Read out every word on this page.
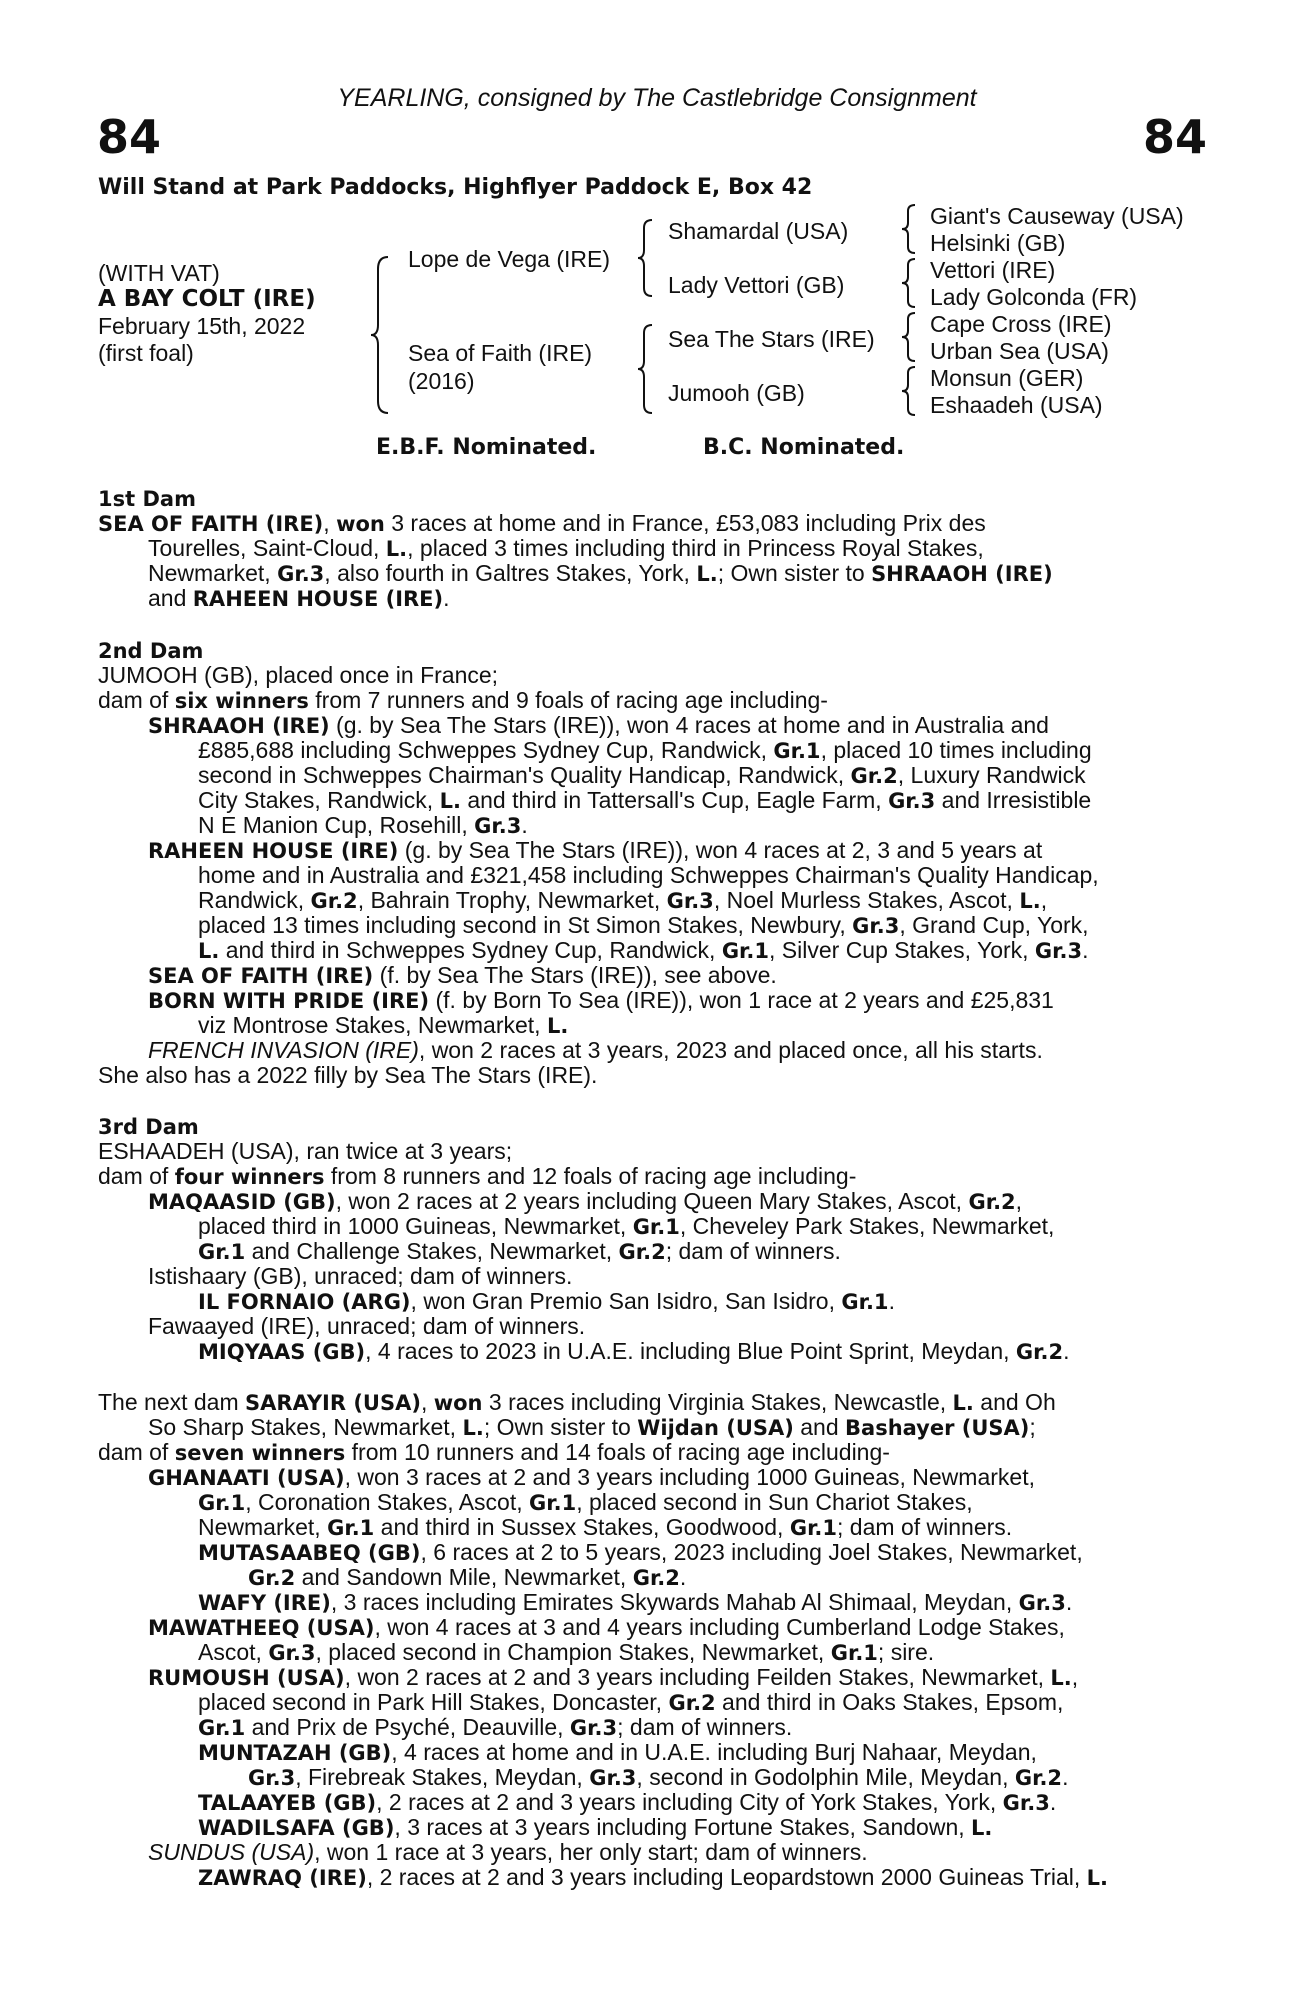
YEARLING, consigned by The Castlebridge Consignment
84	84
Will Stand at Park Paddocks, Highflyer Paddock E, Box 42
(WITH VAT)
A BAY COLT (IRE)
February 15th, 2022
(first foal)
Lope de Vega (IRE)
Sea of Faith (IRE)
(2016)
Shamardal (USA)
Lady Vettori (GB)
Sea The Stars (IRE)
Jumooh (GB)
Giant's Causeway (USA)
Helsinki (GB)
Vettori (IRE)
Lady Golconda (FR)
Cape Cross (IRE)
Urban Sea (USA)
Monsun (GER)
Eshaadeh (USA)
E.B.F. Nominated.	B.C. Nominated.
1st Dam
SEA OF FAITH (IRE), won 3 races at home and in France, £53,083 including Prix des
Tourelles, Saint-Cloud, L., placed 3 times including third in Princess Royal Stakes,
Newmarket, Gr.3, also fourth in Galtres Stakes, York, L.; Own sister to SHRAAOH (IRE)
and RAHEEN HOUSE (IRE).
2nd Dam
JUMOOH (GB), placed once in France;
dam of six winners from 7 runners and 9 foals of racing age including-
SHRAAOH (IRE) (g. by Sea The Stars (IRE)), won 4 races at home and in Australia and
£885,688 including Schweppes Sydney Cup, Randwick, Gr.1, placed 10 times including
second in Schweppes Chairman's Quality Handicap, Randwick, Gr.2, Luxury Randwick
City Stakes, Randwick, L. and third in Tattersall's Cup, Eagle Farm, Gr.3 and Irresistible
N E Manion Cup, Rosehill, Gr.3.
RAHEEN HOUSE (IRE) (g. by Sea The Stars (IRE)), won 4 races at 2, 3 and 5 years at
home and in Australia and £321,458 including Schweppes Chairman's Quality Handicap,
Randwick, Gr.2, Bahrain Trophy, Newmarket, Gr.3, Noel Murless Stakes, Ascot, L.,
placed 13 times including second in St Simon Stakes, Newbury, Gr.3, Grand Cup, York,
L. and third in Schweppes Sydney Cup, Randwick, Gr.1, Silver Cup Stakes, York, Gr.3.
SEA OF FAITH (IRE) (f. by Sea The Stars (IRE)), see above.
BORN WITH PRIDE (IRE) (f. by Born To Sea (IRE)), won 1 race at 2 years and £25,831
viz Montrose Stakes, Newmarket, L.
FRENCH INVASION (IRE), won 2 races at 3 years, 2023 and placed once, all his starts.
She also has a 2022 filly by Sea The Stars (IRE).
3rd Dam
ESHAADEH (USA), ran twice at 3 years;
dam of four winners from 8 runners and 12 foals of racing age including-
MAQAASID (GB), won 2 races at 2 years including Queen Mary Stakes, Ascot, Gr.2,
placed third in 1000 Guineas, Newmarket, Gr.1, Cheveley Park Stakes, Newmarket,
Gr.1 and Challenge Stakes, Newmarket, Gr.2; dam of winners.
Istishaary (GB), unraced; dam of winners.
IL FORNAIO (ARG), won Gran Premio San Isidro, San Isidro, Gr.1.
Fawaayed (IRE), unraced; dam of winners.
MIQYAAS (GB), 4 races to 2023 in U.A.E. including Blue Point Sprint, Meydan, Gr.2.
The next dam SARAYIR (USA), won 3 races including Virginia Stakes, Newcastle, L. and Oh
So Sharp Stakes, Newmarket, L.; Own sister to Wijdan (USA) and Bashayer (USA);
dam of seven winners from 10 runners and 14 foals of racing age including-
GHANAATI (USA), won 3 races at 2 and 3 years including 1000 Guineas, Newmarket,
Gr.1, Coronation Stakes, Ascot, Gr.1, placed second in Sun Chariot Stakes,
Newmarket, Gr.1 and third in Sussex Stakes, Goodwood, Gr.1; dam of winners.
MUTASAABEQ (GB), 6 races at 2 to 5 years, 2023 including Joel Stakes, Newmarket,
Gr.2 and Sandown Mile, Newmarket, Gr.2.
WAFY (IRE), 3 races including Emirates Skywards Mahab Al Shimaal, Meydan, Gr.3.
MAWATHEEQ (USA), won 4 races at 3 and 4 years including Cumberland Lodge Stakes,
Ascot, Gr.3, placed second in Champion Stakes, Newmarket, Gr.1; sire.
RUMOUSH (USA), won 2 races at 2 and 3 years including Feilden Stakes, Newmarket, L.,
placed second in Park Hill Stakes, Doncaster, Gr.2 and third in Oaks Stakes, Epsom,
Gr.1 and Prix de Psyché, Deauville, Gr.3; dam of winners.
MUNTAZAH (GB), 4 races at home and in U.A.E. including Burj Nahaar, Meydan,
Gr.3, Firebreak Stakes, Meydan, Gr.3, second in Godolphin Mile, Meydan, Gr.2.
TALAAYEB (GB), 2 races at 2 and 3 years including City of York Stakes, York, Gr.3.
WADILSAFA (GB), 3 races at 3 years including Fortune Stakes, Sandown, L.
SUNDUS (USA), won 1 race at 3 years, her only start; dam of winners.
ZAWRAQ (IRE), 2 races at 2 and 3 years including Leopardstown 2000 Guineas Trial, L.
